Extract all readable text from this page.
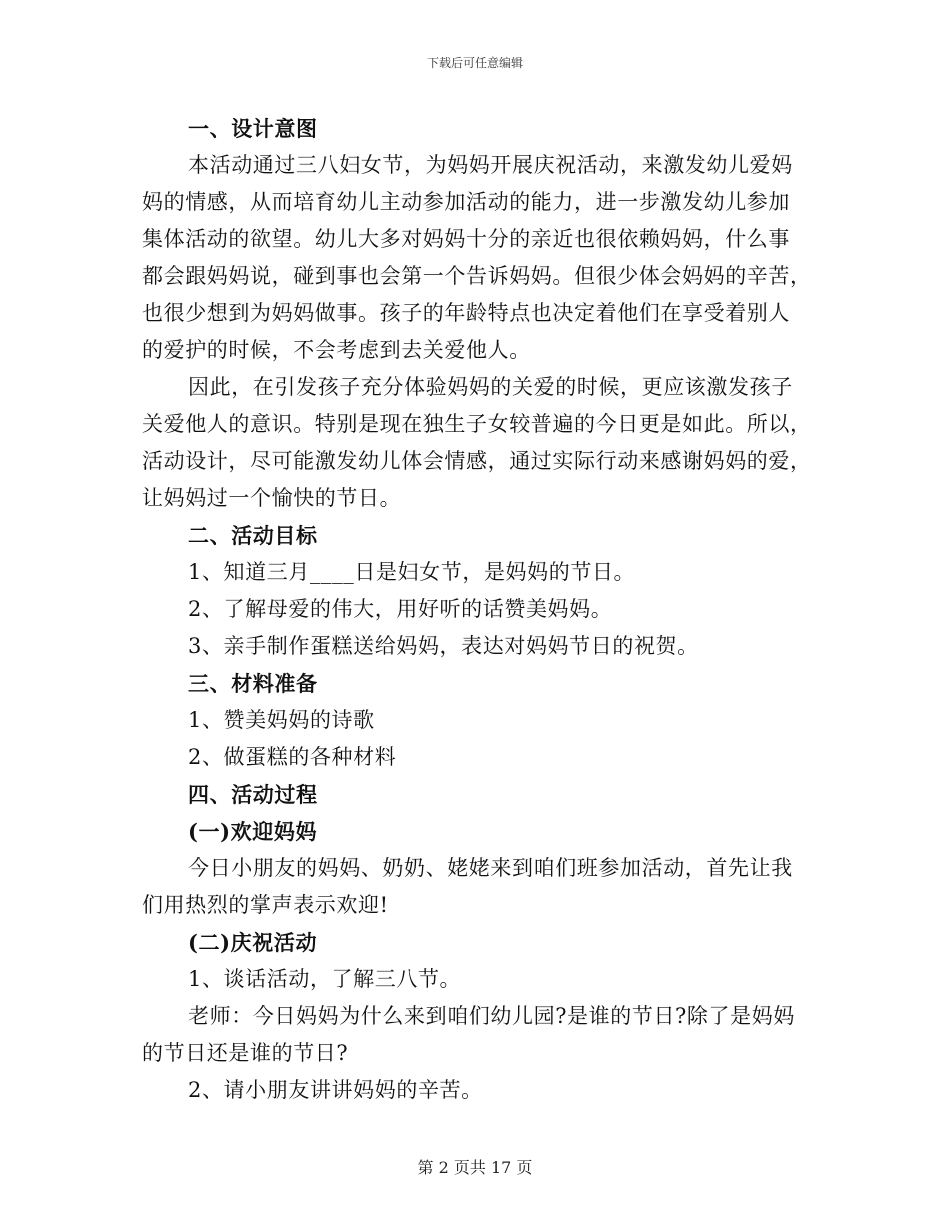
下载后可任意编辑
一、设计意图
本活动通过三八妇女节，为妈妈开展庆祝活动，来激发幼儿爱妈
妈的情感，从而培育幼儿主动参加活动的能力，进一步激发幼儿参加
集体活动的欲望。幼儿大多对妈妈十分的亲近也很依赖妈妈，什么事
都会跟妈妈说，碰到事也会第一个告诉妈妈。但很少体会妈妈的辛苦，
也很少想到为妈妈做事。孩子的年龄特点也决定着他们在享受着别人
的爱护的时候，不会考虑到去关爱他人。
因此，在引发孩子充分体验妈妈的关爱的时候，更应该激发孩子
关爱他人的意识。特别是现在独生子女较普遍的今日更是如此。所以，
活动设计，尽可能激发幼儿体会情感，通过实际行动来感谢妈妈的爱，
让妈妈过一个愉快的节日。
二、活动目标
1、知道三月____日是妇女节，是妈妈的节日。
2、了解母爱的伟大，用好听的话赞美妈妈。
3、亲手制作蛋糕送给妈妈，表达对妈妈节日的祝贺。
三、材料准备
1、赞美妈妈的诗歌
2、做蛋糕的各种材料
四、活动过程
(一)欢迎妈妈
今日小朋友的妈妈、奶奶、姥姥来到咱们班参加活动，首先让我
们用热烈的掌声表示欢迎!
(二)庆祝活动
1、谈话活动，了解三八节。
老师：今日妈妈为什么来到咱们幼儿园?是谁的节日?除了是妈妈
的节日还是谁的节日?
2、请小朋友讲讲妈妈的辛苦。
第 2 页共 17 页
